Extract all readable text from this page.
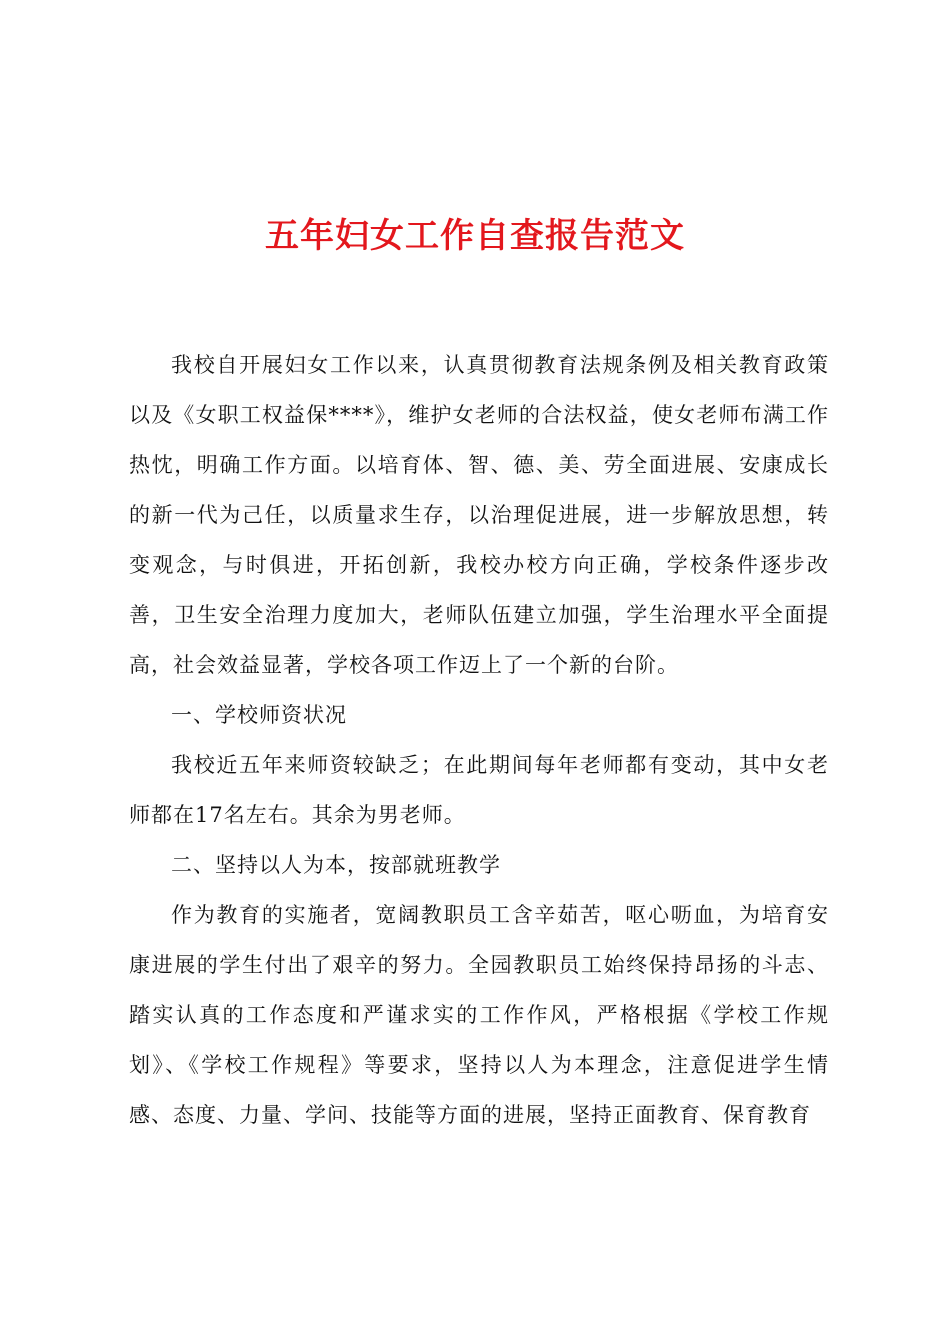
五年妇女工作自查报告范文

我校自开展妇女工作以来，认真贯彻教育法规条例及相关教育政策以及《女职工权益保****》，维护女老师的合法权益，使女老师布满工作热忱，明确工作方面。以培育体、智、德、美、劳全面进展、安康成长的新一代为己任，以质量求生存，以治理促进展，进一步解放思想，转变观念，与时俱进，开拓创新，我校办校方向正确，学校条件逐步改善，卫生安全治理力度加大，老师队伍建立加强，学生治理水平全面提高，社会效益显著，学校各项工作迈上了一个新的台阶。

一、学校师资状况

我校近五年来师资较缺乏；在此期间每年老师都有变动，其中女老师都在17名左右。其余为男老师。

二、坚持以人为本，按部就班教学

作为教育的实施者，宽阔教职员工含辛茹苦，呕心呖血，为培育安康进展的学生付出了艰辛的努力。全园教职员工始终保持昂扬的斗志、踏实认真的工作态度和严谨求实的工作作风，严格根据《学校工作规划》、《学校工作规程》等要求，坚持以人为本理念，注意促进学生情感、态度、力量、学问、技能等方面的进展，坚持正面教育、保育教育
